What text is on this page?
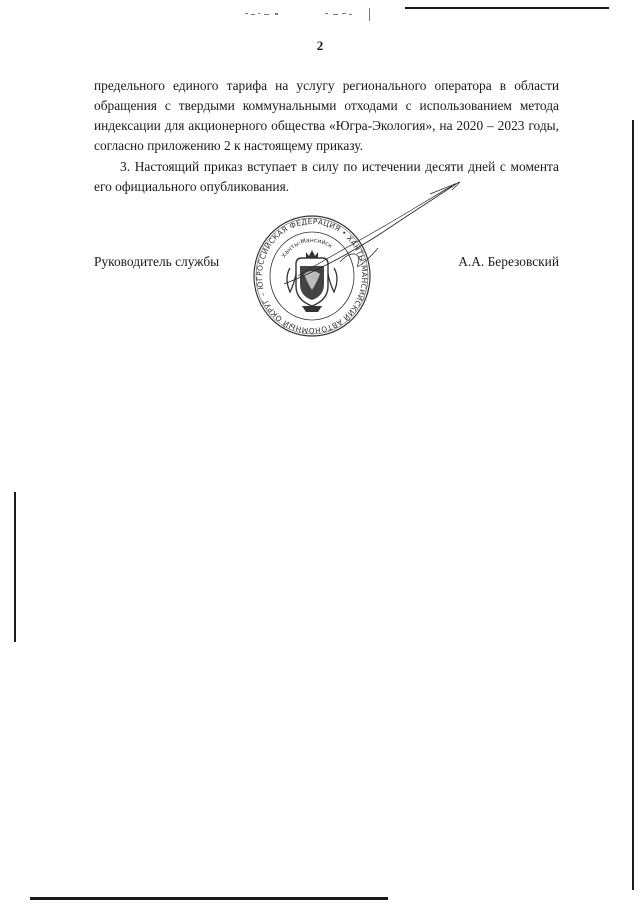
2

предельного единого тарифа на услугу регионального оператора в области обращения с твердыми коммунальными отходами с использованием метода индексации для акционерного общества «Югра-Экология», на 2020 – 2023 годы, согласно приложению 2 к настоящему приказу.

3. Настоящий приказ вступает в силу по истечении десяти дней с момента его официального опубликования.

Руководитель службы	А.А. Березовский
РОССИЙСКАЯ ФЕДЕРАЦИЯ • ХАНТЫ-МАНСИЙСКИЙ АВТОНОМНЫЙ ОКРУГ – ЮГ
Ханты-Мансийск
